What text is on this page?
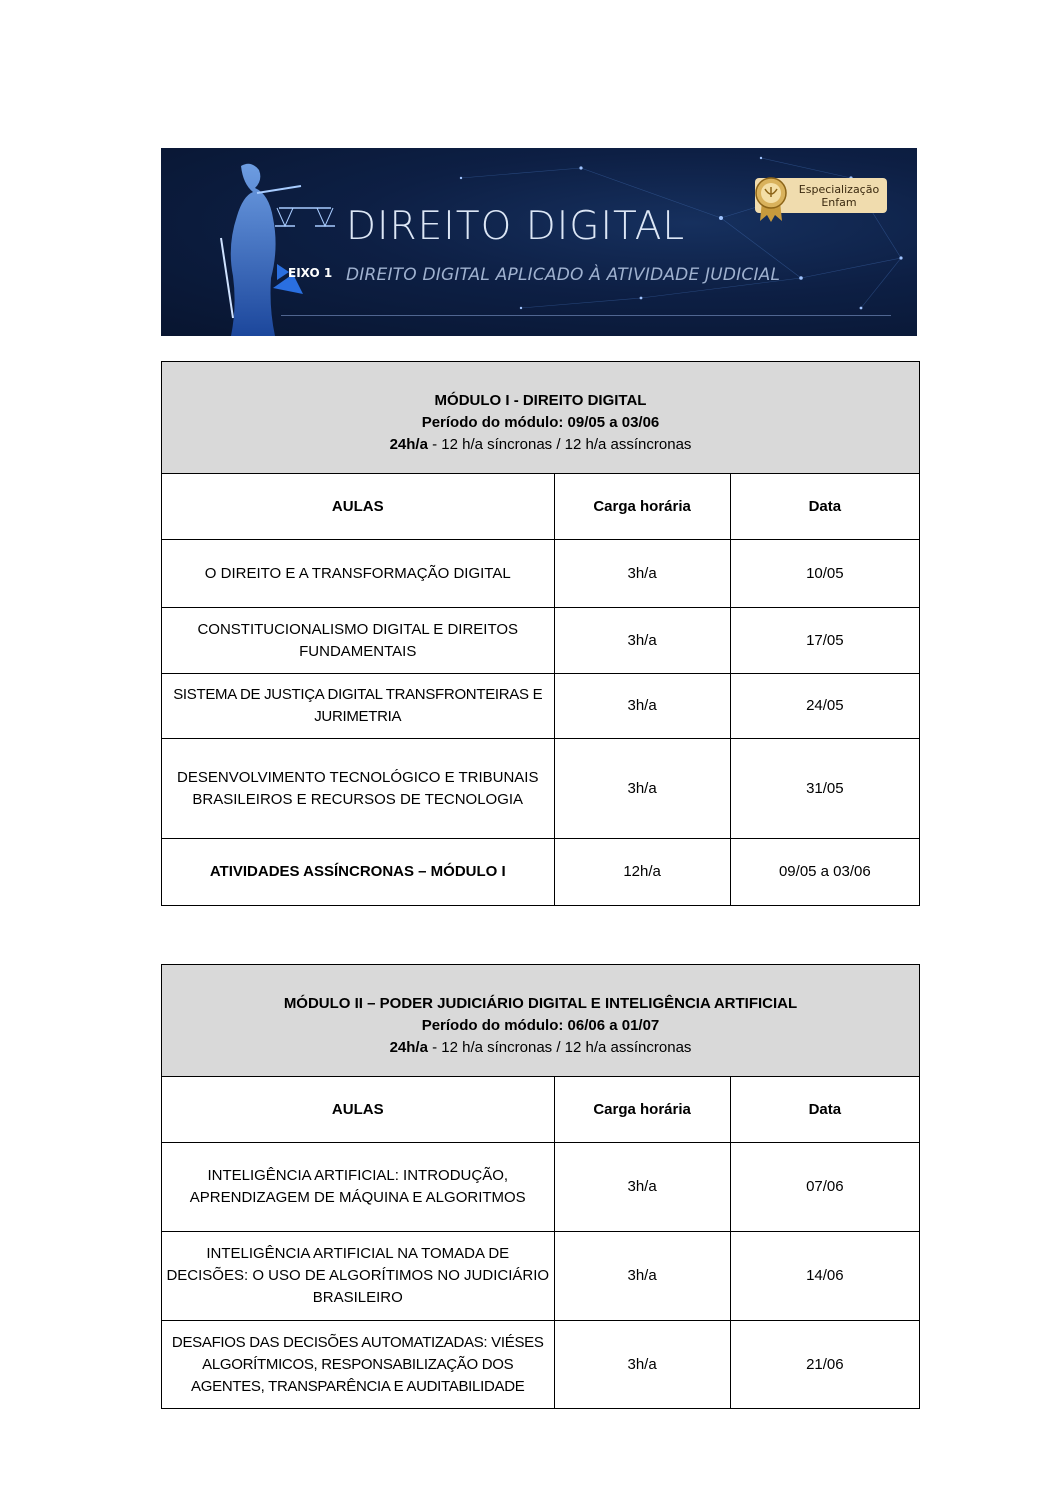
DIREITO DIGITAL
EIXO 1 DIREITO DIGITAL APLICADO À ATIVIDADE JUDICIAL
Especialização
Enfam
MÓDULO I - DIREITO DIGITAL
Período do módulo: 09/05 a 03/06
24h/a - 12 h/a síncronas / 12 h/a assíncronas		

AULAS	Carga horária	Data
O DIREITO E A TRANSFORMAÇÃO DIGITAL	3h/a	10/05
CONSTITUCIONALISMO DIGITAL E DIREITOS FUNDAMENTAIS	3h/a	17/05
SISTEMA DE JUSTIÇA DIGITAL TRANSFRONTEIRAS E JURIMETRIA	3h/a	24/05
DESENVOLVIMENTO TECNOLÓGICO E TRIBUNAIS BRASILEIROS E RECURSOS DE TECNOLOGIA	3h/a	31/05
ATIVIDADES ASSÍNCRONAS – MÓDULO I	12h/a	09/05 a 03/06
MÓDULO II – PODER JUDICIÁRIO DIGITAL E INTELIGÊNCIA ARTIFICIAL
Período do módulo: 06/06 a 01/07
24h/a - 12 h/a síncronas / 12 h/a assíncronas		

AULAS	Carga horária	Data
INTELIGÊNCIA ARTIFICIAL: INTRODUÇÃO, APRENDIZAGEM DE MÁQUINA E ALGORITMOS	3h/a	07/06
INTELIGÊNCIA ARTIFICIAL NA TOMADA DE DECISÕES: O USO DE ALGORÍTIMOS NO JUDICIÁRIO BRASILEIRO	3h/a	14/06
DESAFIOS DAS DECISÕES AUTOMATIZADAS: VIÉSES ALGORÍTMICOS, RESPONSABILIZAÇÃO DOS AGENTES, TRANSPARÊNCIA E AUDITABILIDADE	3h/a	21/06
